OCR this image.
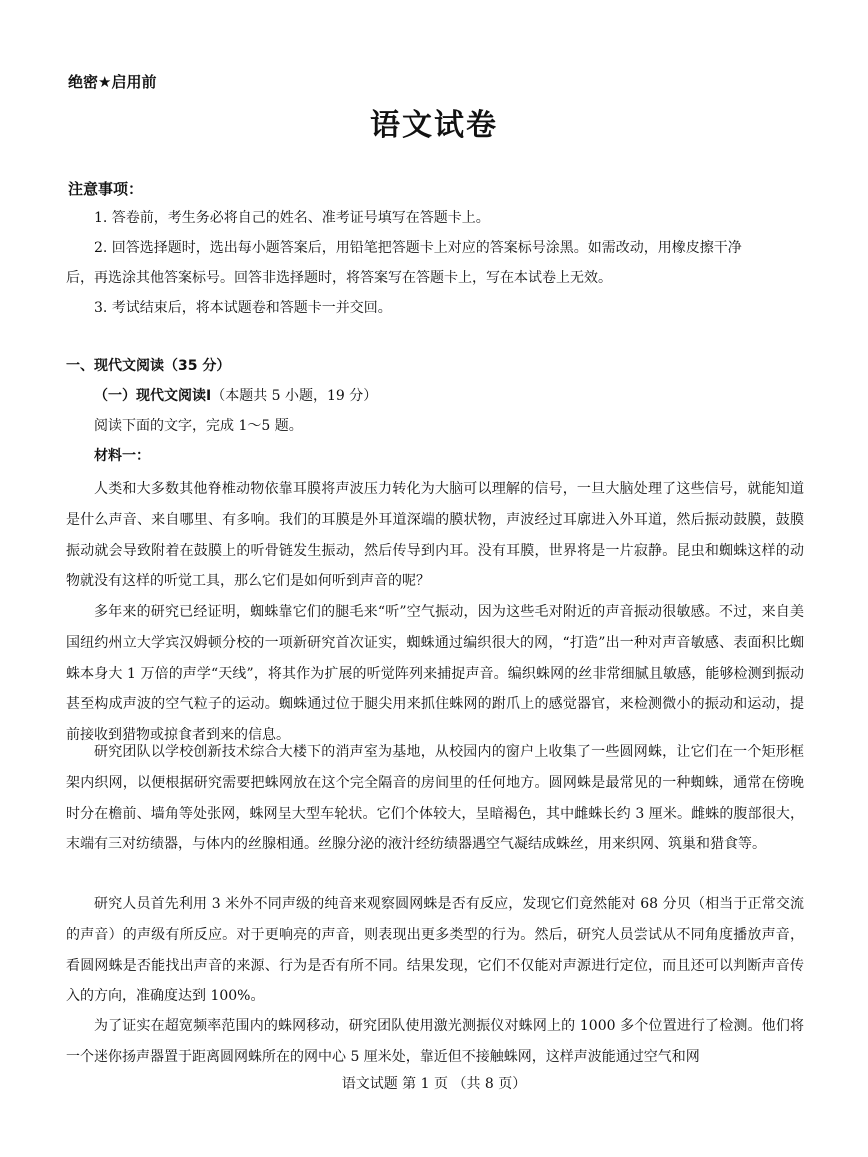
绝密★启用前
语文试卷
注意事项：
1. 答卷前，考生务必将自己的姓名、准考证号填写在答题卡上。
2. 回答选择题时，选出每小题答案后，用铅笔把答题卡上对应的答案标号涂黑。如需改动，用橡皮擦干净
后，再选涂其他答案标号。回答非选择题时，将答案写在答题卡上，写在本试卷上无效。
3. 考试结束后，将本试题卷和答题卡一并交回。
一、现代文阅读（35 分）
（一）现代文阅读Ⅰ（本题共 5 小题，19 分）
阅读下面的文字，完成 1～5 题。
材料一：
人类和大多数其他脊椎动物依靠耳膜将声波压力转化为大脑可以理解的信号，一旦大脑处理了这些信号，就能知道是什么声音、来自哪里、有多响。我们的耳膜是外耳道深端的膜状物，声波经过耳廓进入外耳道，然后振动鼓膜，鼓膜振动就会导致附着在鼓膜上的听骨链发生振动，然后传导到内耳。没有耳膜，世界将是一片寂静。昆虫和蜘蛛这样的动物就没有这样的听觉工具，那么它们是如何听到声音的呢？
多年来的研究已经证明，蜘蛛靠它们的腿毛来“听”空气振动，因为这些毛对附近的声音振动很敏感。不过，来自美国纽约州立大学宾汉姆顿分校的一项新研究首次证实，蜘蛛通过编织很大的网，“打造”出一种对声音敏感、表面积比蜘蛛本身大 1 万倍的声学“天线”，将其作为扩展的听觉阵列来捕捉声音。编织蛛网的丝非常细腻且敏感，能够检测到振动甚至构成声波的空气粒子的运动。蜘蛛通过位于腿尖用来抓住蛛网的跗爪上的感觉器官，来检测微小的振动和运动，提前接收到猎物或掠食者到来的信息。
研究团队以学校创新技术综合大楼下的消声室为基地，从校园内的窗户上收集了一些圆网蛛，让它们在一个矩形框架内织网，以便根据研究需要把蛛网放在这个完全隔音的房间里的任何地方。圆网蛛是最常见的一种蜘蛛，通常在傍晚时分在檐前、墙角等处张网，蛛网呈大型车轮状。它们个体较大，呈暗褐色，其中雌蛛长约 3 厘米。雌蛛的腹部很大，末端有三对纺绩器，与体内的丝腺相通。丝腺分泌的液汁经纺绩器遇空气凝结成蛛丝，用来织网、筑巢和猎食等。
研究人员首先利用 3 米外不同声级的纯音来观察圆网蛛是否有反应，发现它们竟然能对 68 分贝（相当于正常交流的声音）的声级有所反应。对于更响亮的声音，则表现出更多类型的行为。然后，研究人员尝试从不同角度播放声音，看圆网蛛是否能找出声音的来源、行为是否有所不同。结果发现，它们不仅能对声源进行定位，而且还可以判断声音传入的方向，准确度达到 100%。
为了证实在超宽频率范围内的蛛网移动，研究团队使用激光测振仪对蛛网上的 1000 多个位置进行了检测。他们将一个迷你扬声器置于距离圆网蛛所在的网中心 5 厘米处，靠近但不接触蛛网，这样声波能通过空气和网
语文试题 第 1 页 （共 8 页）
